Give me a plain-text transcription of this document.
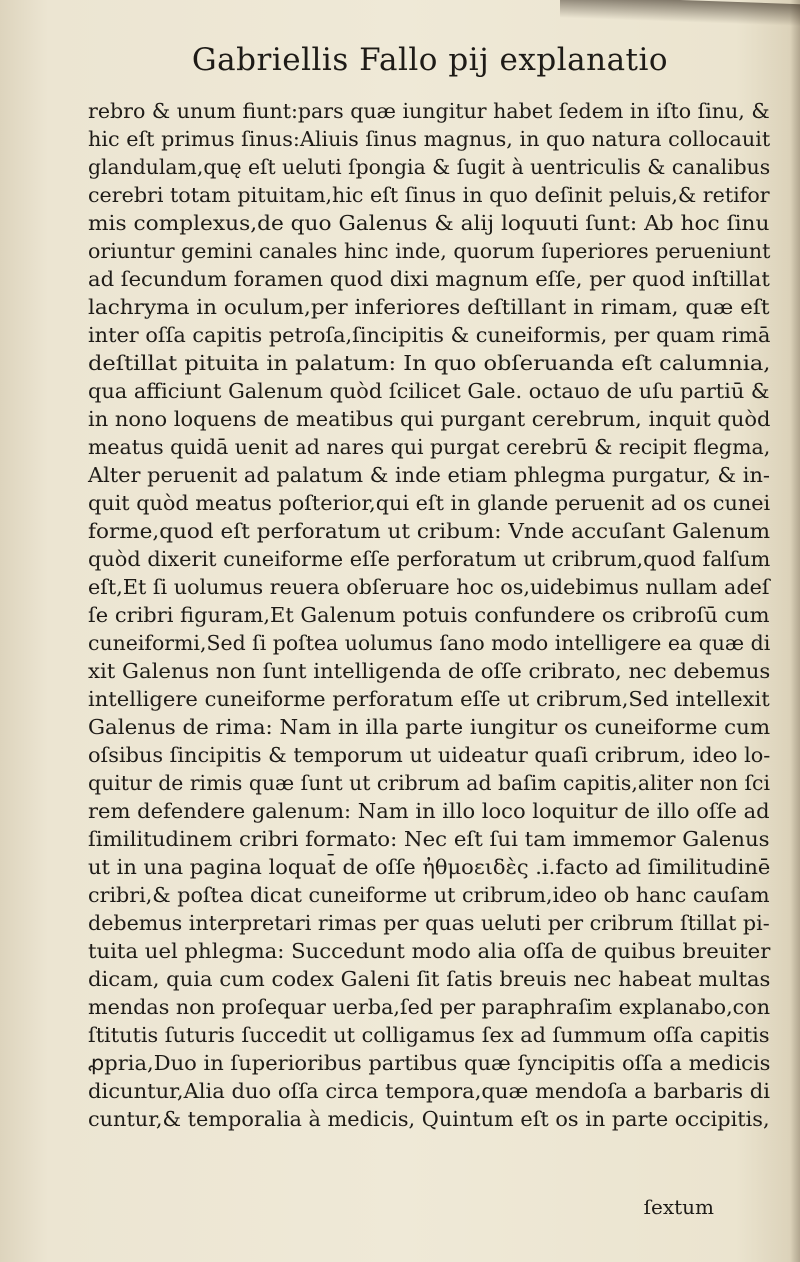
Gabriellis Fallo pij explanatio
rebro & unum fiunt:pars quæ iungitur habet ſedem in iſto ſinu, &
hic eſt primus ſinus:Aliuis ſinus magnus, in quo natura collocauit
glandulam,quę eſt ueluti ſpongia & ſugit à uentriculis & canalibus
cerebri totam pituitam,hic eſt ſinus in quo deſinit peluis,& retifor
mis complexus,de quo Galenus & alij loquuti ſunt: Ab hoc ſinu
oriuntur gemini canales hinc inde, quorum ſuperiores perueniunt
ad ſecundum foramen quod dixi magnum eſſe, per quod inſtillat
lachryma in oculum,per inferiores deſtillant in rimam, quæ eſt
inter oſſa capitis petroſa,ſincipitis & cuneiformis, per quam rimā
deſtillat pituita in palatum: In quo obſeruanda eſt calumnia,
qua afficiunt Galenum quòd ſcilicet Gale. octauo de uſu partiū &
in nono loquens de meatibus qui purgant cerebrum, inquit quòd
meatus quidā uenit ad nares qui purgat cerebrū & recipit flegma,
Alter peruenit ad palatum & inde etiam phlegma purgatur, & in-
quit quòd meatus poſterior,qui eſt in glande peruenit ad os cunei
forme,quod eſt perforatum ut cribum: Vnde accuſant Galenum
quòd dixerit cuneiforme eſſe perforatum ut cribrum,quod falſum
eſt,Et ſi uolumus reuera obſeruare hoc os,uidebimus nullam adeſ
ſe cribri figuram,Et Galenum potuis confundere os cribroſū cum
cuneiformi,Sed ſi poſtea uolumus ſano modo intelligere ea quæ di
xit Galenus non ſunt intelligenda de oſſe cribrato, nec debemus
intelligere cuneiforme perforatum eſſe ut cribrum,Sed intellexit
Galenus de rima: Nam in illa parte iungitur os cuneiforme cum
oſsibus ſincipitis & temporum ut uideatur quaſi cribrum, ideo lo-
quitur de rimis quæ ſunt ut cribrum ad baſim capitis,aliter non ſci
rem defendere galenum: Nam in illo loco loquitur de illo oſſe ad
ſimilitudinem cribri formato: Nec eſt ſui tam immemor Galenus
ut in una pagina loquat̄ de oſſe ἠθμοειδὲς .i.facto ad ſimilitudinē
cribri,& poſtea dicat cuneiforme ut cribrum,ideo ob hanc cauſam
debemus interpretari rimas per quas ueluti per cribrum ſtillat pi-
tuita uel phlegma: Succedunt modo alia oſſa de quibus breuiter
dicam, quia cum codex Galeni ſit ſatis breuis nec habeat multas
mendas non proſequar uerba,ſed per paraphraſim explanabo,con
ſtitutis ſuturis ſuccedit ut colligamus ſex ad ſummum oſſa capitis
ꝓpria,Duo in ſuperioribus partibus quæ ſyncipitis oſſa a medicis
dicuntur,Alia duo oſſa circa tempora,quæ mendoſa a barbaris di
cuntur,& temporalia à medicis, Quintum eſt os in parte occipitis,
ſextum
